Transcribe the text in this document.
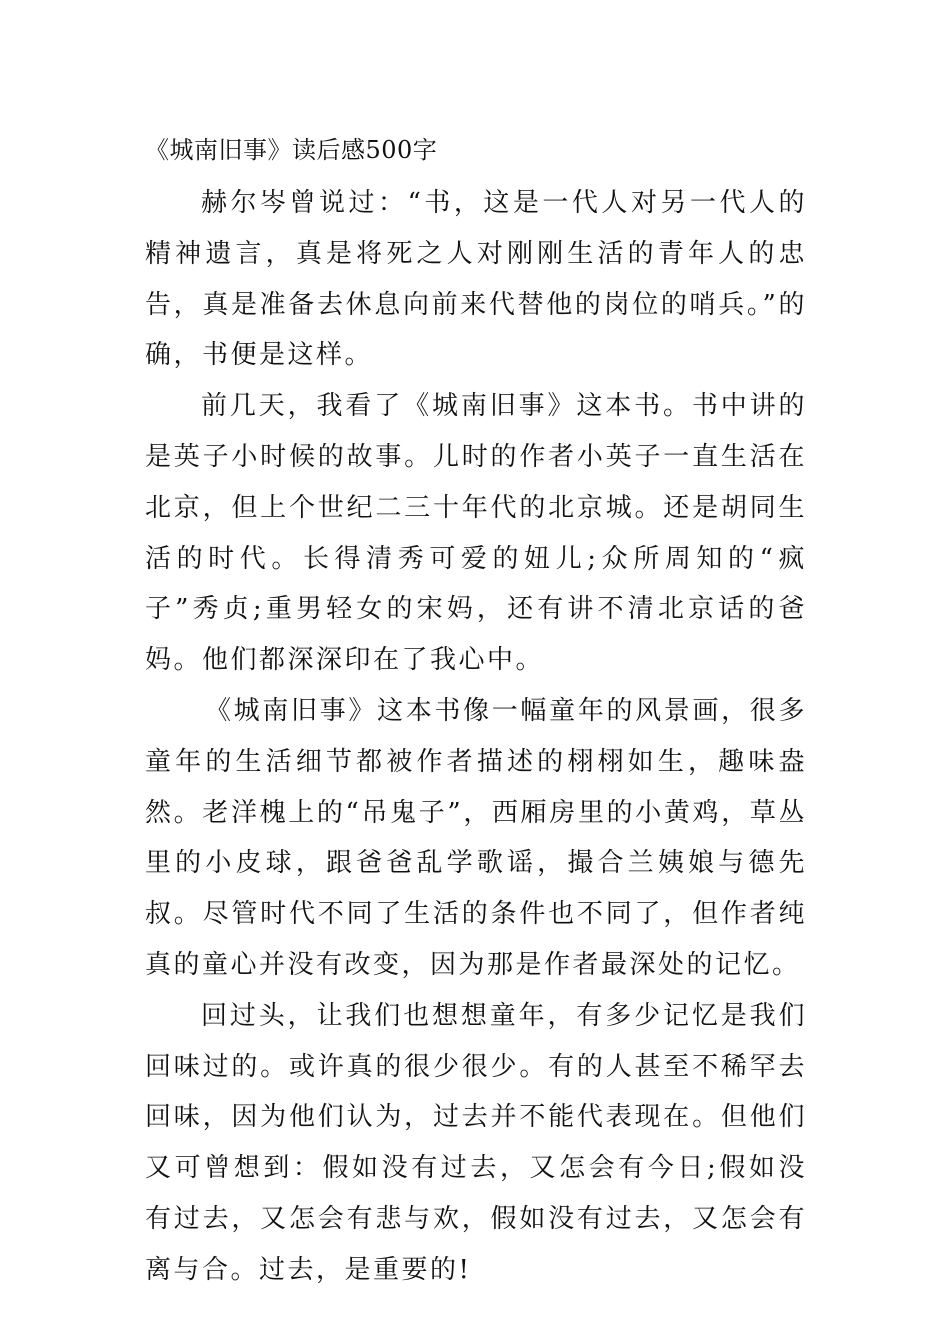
《城南旧事》读后感500字

赫尔岑曾说过：“书，这是一代人对另一代人的精神遗言，真是将死之人对刚刚生活的青年人的忠告，真是准备去休息向前来代替他的岗位的哨兵。”的确，书便是这样。

前几天，我看了《城南旧事》这本书。书中讲的是英子小时候的故事。儿时的作者小英子一直生活在北京，但上个世纪二三十年代的北京城。还是胡同生活的时代。长得清秀可爱的妞儿;众所周知的“疯子”秀贞;重男轻女的宋妈，还有讲不清北京话的爸妈。他们都深深印在了我心中。

《城南旧事》这本书像一幅童年的风景画，很多童年的生活细节都被作者描述的栩栩如生，趣味盎然。老洋槐上的“吊鬼子”，西厢房里的小黄鸡，草丛里的小皮球，跟爸爸乱学歌谣，撮合兰姨娘与德先叔。尽管时代不同了生活的条件也不同了，但作者纯真的童心并没有改变，因为那是作者最深处的记忆。

回过头，让我们也想想童年，有多少记忆是我们回味过的。或许真的很少很少。有的人甚至不稀罕去回味，因为他们认为，过去并不能代表现在。但他们又可曾想到：假如没有过去，又怎会有今日;假如没有过去，又怎会有悲与欢，假如没有过去，又怎会有离与合。过去，是重要的!
